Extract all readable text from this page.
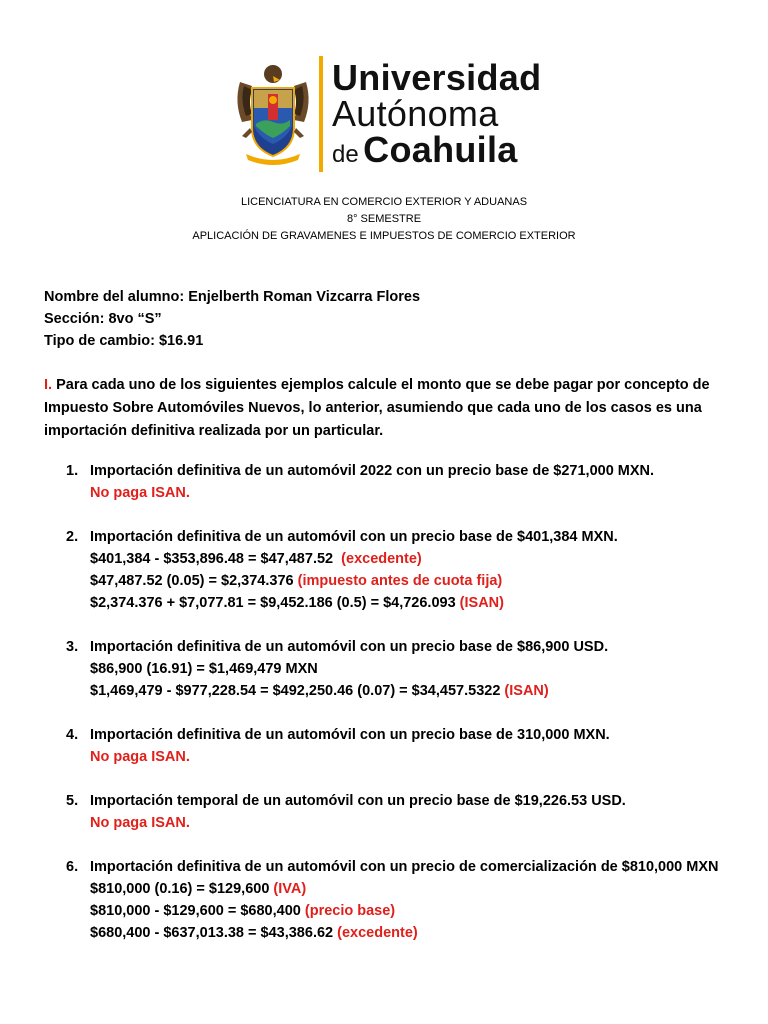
Universidad
Autónoma
de Coahuila
LICENCIATURA EN COMERCIO EXTERIOR Y ADUANAS
8° SEMESTRE
APLICACIÓN DE GRAVAMENES E IMPUESTOS DE COMERCIO EXTERIOR
Nombre del alumno: Enjelberth Roman Vizcarra Flores
Sección: 8vo “S”
Tipo de cambio: $16.91
I. Para cada uno de los siguientes ejemplos calcule el monto que se debe pagar por concepto de Impuesto Sobre Automóviles Nuevos, lo anterior, asumiendo que cada uno de los casos es una importación definitiva realizada por un particular.
1. Importación definitiva de un automóvil 2022 con un precio base de $271,000 MXN.
No paga ISAN.
2. Importación definitiva de un automóvil con un precio base de $401,384 MXN.
$401,384 - $353,896.48 = $47,487.52 (excedente)
$47,487.52 (0.05) = $2,374.376 (impuesto antes de cuota fija)
$2,374.376 + $7,077.81 = $9,452.186 (0.5) = $4,726.093 (ISAN)
3. Importación definitiva de un automóvil con un precio base de $86,900 USD.
$86,900 (16.91) = $1,469,479 MXN
$1,469,479 - $977,228.54 = $492,250.46 (0.07) = $34,457.5322 (ISAN)
4. Importación definitiva de un automóvil con un precio base de 310,000 MXN.
No paga ISAN.
5. Importación temporal de un automóvil con un precio base de $19,226.53 USD.
No paga ISAN.
6. Importación definitiva de un automóvil con un precio de comercialización de $810,000 MXN
$810,000 (0.16) = $129,600 (IVA)
$810,000 - $129,600 = $680,400 (precio base)
$680,400 - $637,013.38 = $43,386.62 (excedente)
